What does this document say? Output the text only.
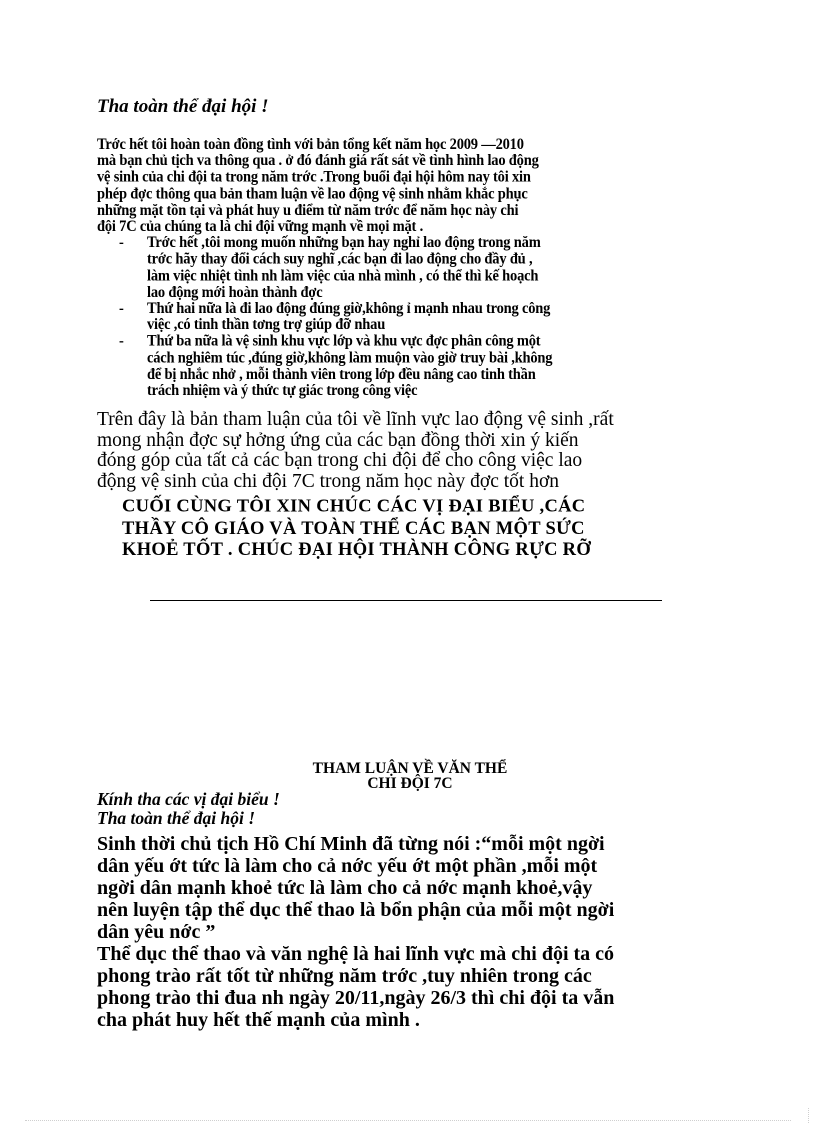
Tha toàn thể đại hội !
Trớc hết tôi hoàn toàn đồng tình với bản tổng kết năm học 2009 —2010
mà bạn chủ tịch va thông qua . ở đó đánh giá rất sát về tình hình lao động
vệ sinh của chi đội ta trong năm trớc .Trong buổi đại hội hôm nay tôi xin
phép đợc thông qua bản tham luận về lao động vệ sinh nhằm khắc phục
những mặt tồn tại và phát huy u điểm từ năm trớc để năm học này chi
đội 7C của chúng ta là chi đội vững mạnh về mọi mặt .
- Trớc hết ,tôi mong muốn những bạn hay nghỉ lao động trong năm
trớc hãy thay đổi cách suy nghĩ ,các bạn đi lao động cho đầy đủ ,
làm việc nhiệt tình nh làm việc của nhà mình , có thể thì kế hoạch
lao động mới hoàn thành đợc
- Thứ hai nữa là đi lao động đúng giờ,không ỉ mạnh nhau trong công
việc ,có tinh thần tơng trợ giúp đỡ nhau
- Thứ ba nữa là vệ sinh khu vực lớp và khu vực đợc phân công một
cách nghiêm túc ,đúng giờ,không làm muộn vào giờ truy bài ,không
để bị nhắc nhở , mỗi thành viên trong lớp đều nâng cao tinh thần
trách nhiệm và ý thức tự giác trong công việc
Trên đây là bản tham luận của tôi về lĩnh vực lao động vệ sinh ,rất
mong nhận đợc sự hởng ứng của các bạn đồng thời xin ý kiến
đóng góp của tất cả các bạn trong chi đội để cho công việc lao
động vệ sinh của chi đội 7C trong năm học này đợc tốt hơn
CUỐI CÙNG TÔI XIN CHÚC CÁC VỊ ĐẠI BIỂU ,CÁC
THẦY CÔ GIÁO VÀ TOÀN THỂ CÁC BẠN MỘT SỨC
KHOẺ TỐT . CHÚC ĐẠI HỘI THÀNH CÔNG RỰC RỠ
THAM LUẬN VỀ VĂN THỂ
CHI ĐỘI 7C
Kính tha các vị đại biểu !
Tha toàn thể đại hội !
Sinh thời chủ tịch Hồ Chí Minh đã từng nói :“mỗi một ngời
dân yếu ớt tức là làm cho cả nớc yếu ớt một phần ,mỗi một
ngời dân mạnh khoẻ tức là làm cho cả nớc mạnh khoẻ,vậy
nên luyện tập thể dục thể thao là bổn phận của mỗi một ngời
dân yêu nớc ”
Thể dục thể thao và văn nghệ là hai lĩnh vực mà chi đội ta có
phong trào rất tốt từ những năm trớc ,tuy nhiên trong các
phong trào thi đua nh ngày 20/11,ngày 26/3 thì chi đội ta vẫn
cha phát huy hết thế mạnh của mình .
